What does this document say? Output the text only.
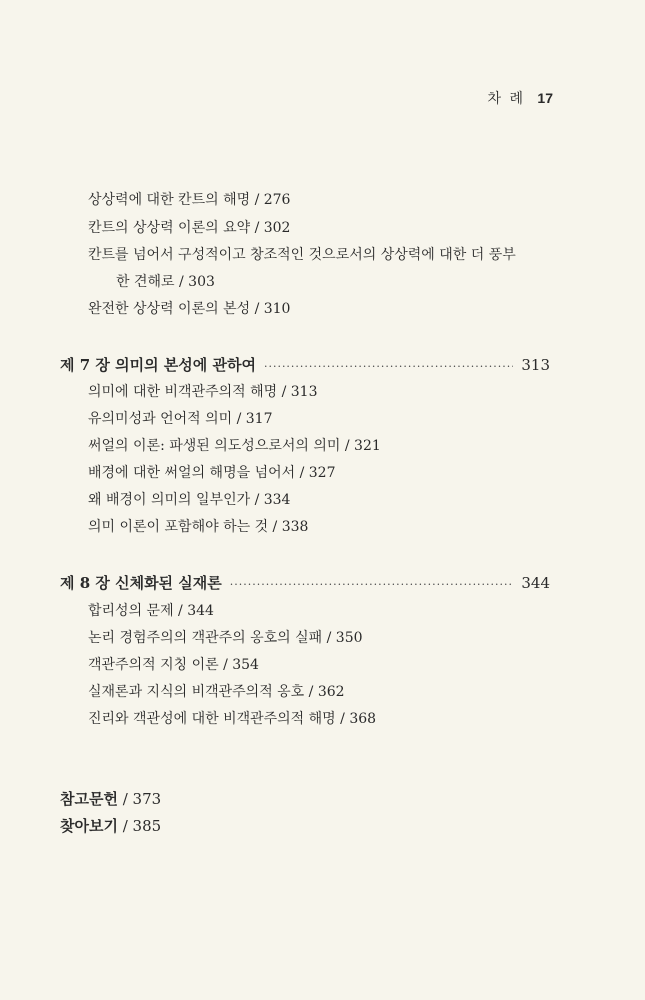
차 례 17
상상력에 대한 칸트의 해명 / 276
칸트의 상상력 이론의 요약 / 302
칸트를 넘어서 구성적이고 창조적인 것으로서의 상상력에 대한 더 풍부
한 견해로 / 303
완전한 상상력 이론의 본성 / 310
제 7 장 의미의 본성에 관하여 ·····	313
의미에 대한 비객관주의적 해명 / 313
유의미성과 언어적 의미 / 317
써얼의 이론: 파생된 의도성으로서의 의미 / 321
배경에 대한 써얼의 해명을 넘어서 / 327
왜 배경이 의미의 일부인가 / 334
의미 이론이 포함해야 하는 것 / 338
제 8 장 신체화된 실재론 ·····	344
합리성의 문제 / 344
논리 경험주의의 객관주의 옹호의 실패 / 350
객관주의적 지칭 이론 / 354
실재론과 지식의 비객관주의적 옹호 / 362
진리와 객관성에 대한 비객관주의적 해명 / 368
참고문헌 / 373
찾아보기 / 385
